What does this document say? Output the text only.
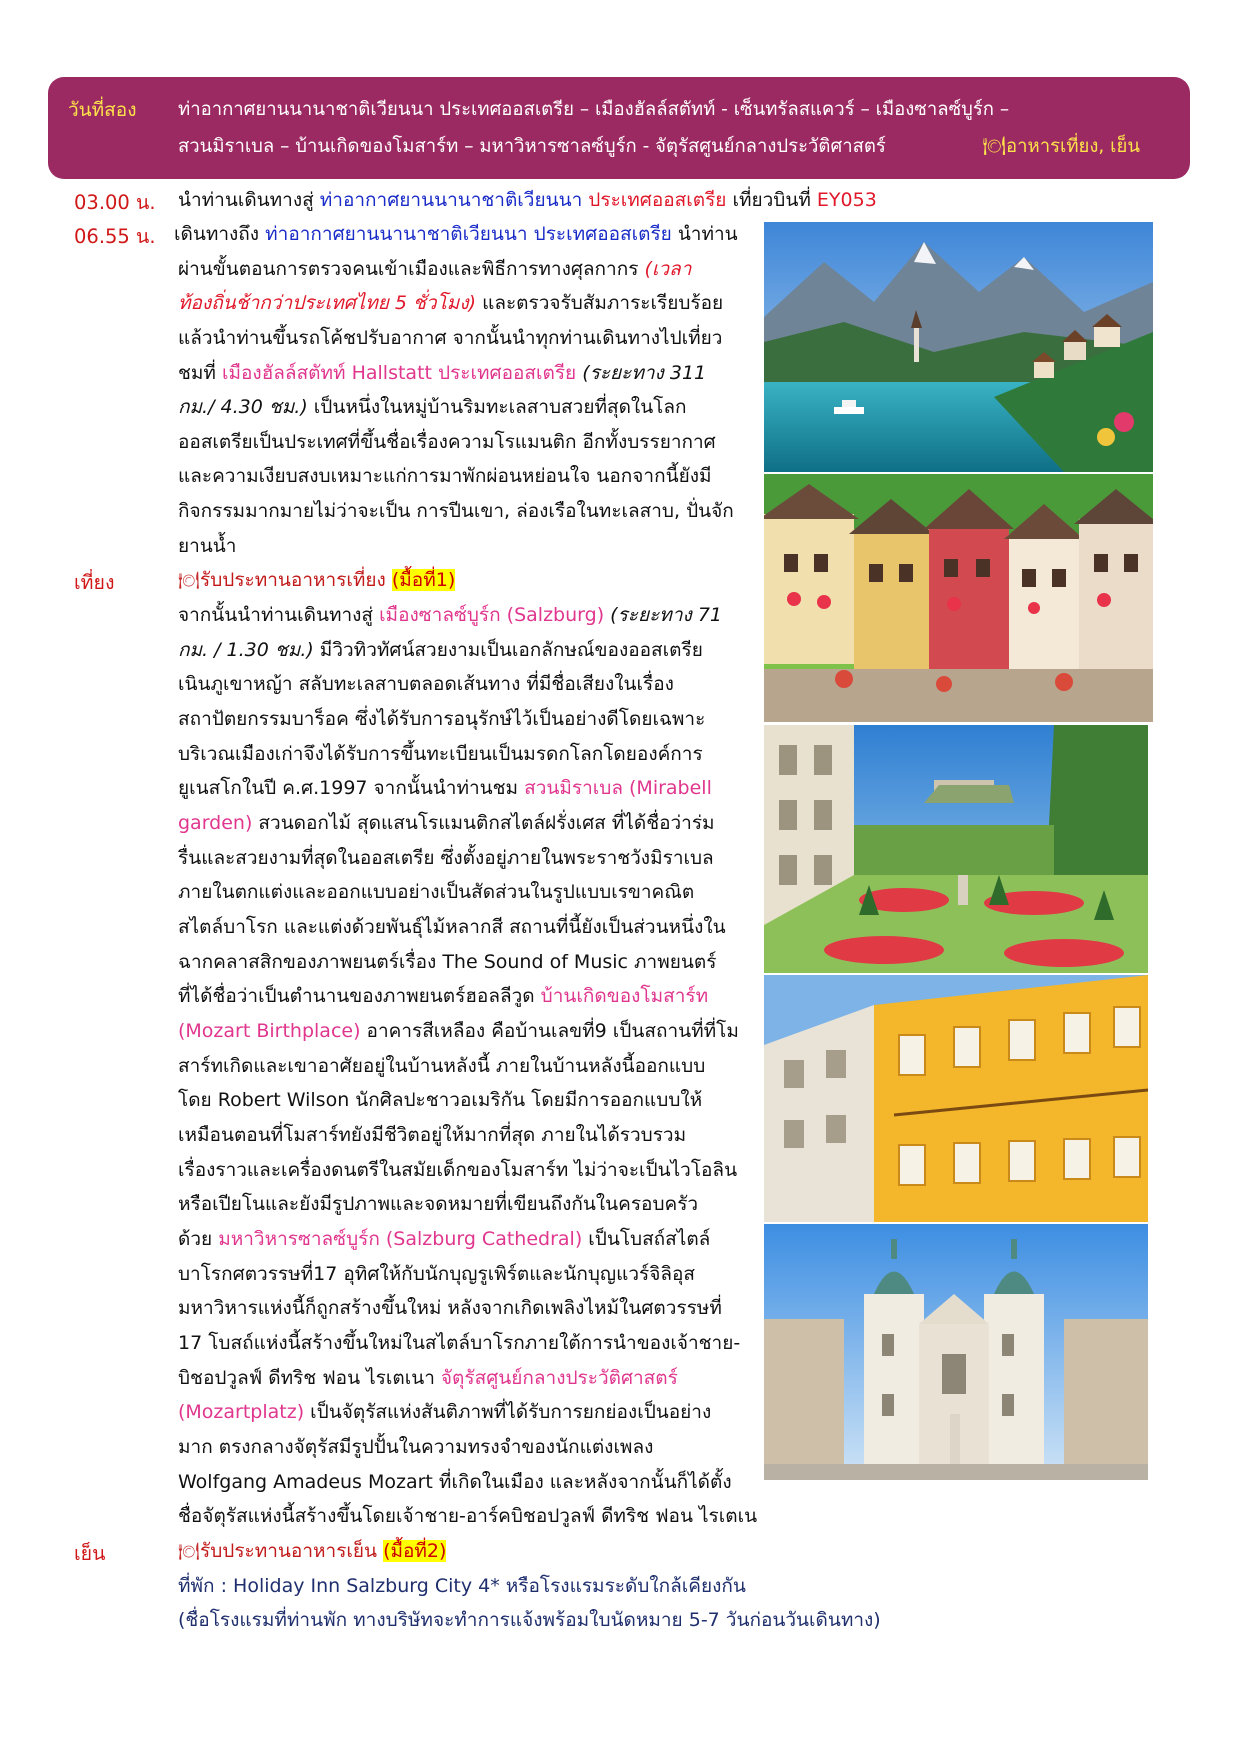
วันที่สอง ท่าอากาศยานนานาชาติเวียนนา ประเทศออสเตรีย – เมืองฮัลล์สตัทท์ - เซ็นทรัลสแควร์ – เมืองซาลซ์บูร์ก –
สวนมิราเบล – บ้านเกิดของโมสาร์ท – มหาวิหารซาลซ์บูร์ก - จัตุรัสศูนย์กลางประวัติศาสตร์	🍽อาหารเที่ยง, เย็น
03.00 น. นำท่านเดินทางสู่ ท่าอากาศยานนานาชาติเวียนนา ประเทศออสเตรีย เที่ยวบินที่ EY053
06.55 น. เดินทางถึง ท่าอากาศยานนานาชาติเวียนนา ประเทศออสเตรีย นำท่าน
ผ่านขั้นตอนการตรวจคนเข้าเมืองและพิธีการทางศุลกากร (เวลา
ท้องถิ่นช้ากว่าประเทศไทย 5 ชั่วโมง) และตรวจรับสัมภาระเรียบร้อย
แล้วนำท่านขึ้นรถโค้ชปรับอากาศ จากนั้นนำทุกท่านเดินทางไปเที่ยว
ชมที่ เมืองฮัลล์สตัทท์ Hallstatt ประเทศออสเตรีย (ระยะทาง 311
กม./ 4.30 ชม.) เป็นหนึ่งในหมู่บ้านริมทะเลสาบสวยที่สุดในโลก
ออสเตรียเป็นประเทศที่ขึ้นชื่อเรื่องความโรแมนติก อีกทั้งบรรยากาศ
และความเงียบสงบเหมาะแก่การมาพักผ่อนหย่อนใจ นอกจากนี้ยังมี
กิจกรรมมากมายไม่ว่าจะเป็น การปีนเขา, ล่องเรือในทะเลสาบ, ปั่นจัก
ยานน้ำ
เที่ยง	🍽รับประทานอาหารเที่ยง (มื้อที่1)
จากนั้นนำท่านเดินทางสู่ เมืองซาลซ์บูร์ก (Salzburg) (ระยะทาง 71
กม. / 1.30 ชม.) มีวิวทิวทัศน์สวยงามเป็นเอกลักษณ์ของออสเตรีย
เนินภูเขาหญ้า สลับทะเลสาบตลอดเส้นทาง ที่มีชื่อเสียงในเรื่อง
สถาปัตยกรรมบาร็อค ซึ่งได้รับการอนุรักษ์ไว้เป็นอย่างดีโดยเฉพาะ
บริเวณเมืองเก่าจึงได้รับการขึ้นทะเบียนเป็นมรดกโลกโดยองค์การ
ยูเนสโกในปี ค.ศ.1997 จากนั้นนำท่านชม สวนมิราเบล (Mirabell
garden) สวนดอกไม้ สุดแสนโรแมนติกสไตล์ฝรั่งเศส ที่ได้ชื่อว่าร่ม
รื่นและสวยงามที่สุดในออสเตรีย ซึ่งตั้งอยู่ภายในพระราชวังมิราเบล
ภายในตกแต่งและออกแบบอย่างเป็นสัดส่วนในรูปแบบเรขาคณิต
สไตล์บาโรก และแต่งด้วยพันธุ์ไม้หลากสี สถานที่นี้ยังเป็นส่วนหนึ่งใน
ฉากคลาสสิกของภาพยนตร์เรื่อง The Sound of Music ภาพยนตร์
ที่ได้ชื่อว่าเป็นตำนานของภาพยนตร์ฮอลลีวูด บ้านเกิดของโมสาร์ท
(Mozart Birthplace) อาคารสีเหลือง คือบ้านเลขที่9 เป็นสถานที่ที่โม
สาร์ทเกิดและเขาอาศัยอยู่ในบ้านหลังนี้ ภายในบ้านหลังนี้ออกแบบ
โดย Robert Wilson นักศิลปะชาวอเมริกัน โดยมีการออกแบบให้
เหมือนตอนที่โมสาร์ทยังมีชีวิตอยู่ให้มากที่สุด ภายในได้รวบรวม
เรื่องราวและเครื่องดนตรีในสมัยเด็กของโมสาร์ท ไม่ว่าจะเป็นไวโอลิน
หรือเปียโนและยังมีรูปภาพและจดหมายที่เขียนถึงกันในครอบครัว
ด้วย มหาวิหารซาลซ์บูร์ก (Salzburg Cathedral) เป็นโบสถ์สไตล์
บาโรกศตวรรษที่17 อุทิศให้กับนักบุญรูเพิร์ตและนักบุญแวร์จิลิอุส
มหาวิหารแห่งนี้ก็ถูกสร้างขึ้นใหม่ หลังจากเกิดเพลิงไหม้ในศตวรรษที่
17 โบสถ์แห่งนี้สร้างขึ้นใหม่ในสไตล์บาโรกภายใต้การนำของเจ้าชาย-
บิชอปวูลฟ์ ดีทริช ฟอน ไรเตเนา จัตุรัสศูนย์กลางประวัติศาสตร์
(Mozartplatz) เป็นจัตุรัสแห่งสันติภาพที่ได้รับการยกย่องเป็นอย่าง
มาก ตรงกลางจัตุรัสมีรูปปั้นในความทรงจำของนักแต่งเพลง
Wolfgang Amadeus Mozart ที่เกิดในเมือง และหลังจากนั้นก็ได้ตั้ง
ชื่อจัตุรัสแห่งนี้สร้างขึ้นโดยเจ้าชาย-อาร์คบิชอปวูลฟ์ ดีทริช ฟอน ไรเตเน
เย็น	🍽รับประทานอาหารเย็น (มื้อที่2)
ที่พัก : Holiday Inn Salzburg City 4* หรือโรงแรมระดับใกล้เคียงกัน
(ชื่อโรงแรมที่ท่านพัก ทางบริษัทจะทำการแจ้งพร้อมใบนัดหมาย 5-7 วันก่อนวันเดินทาง)
